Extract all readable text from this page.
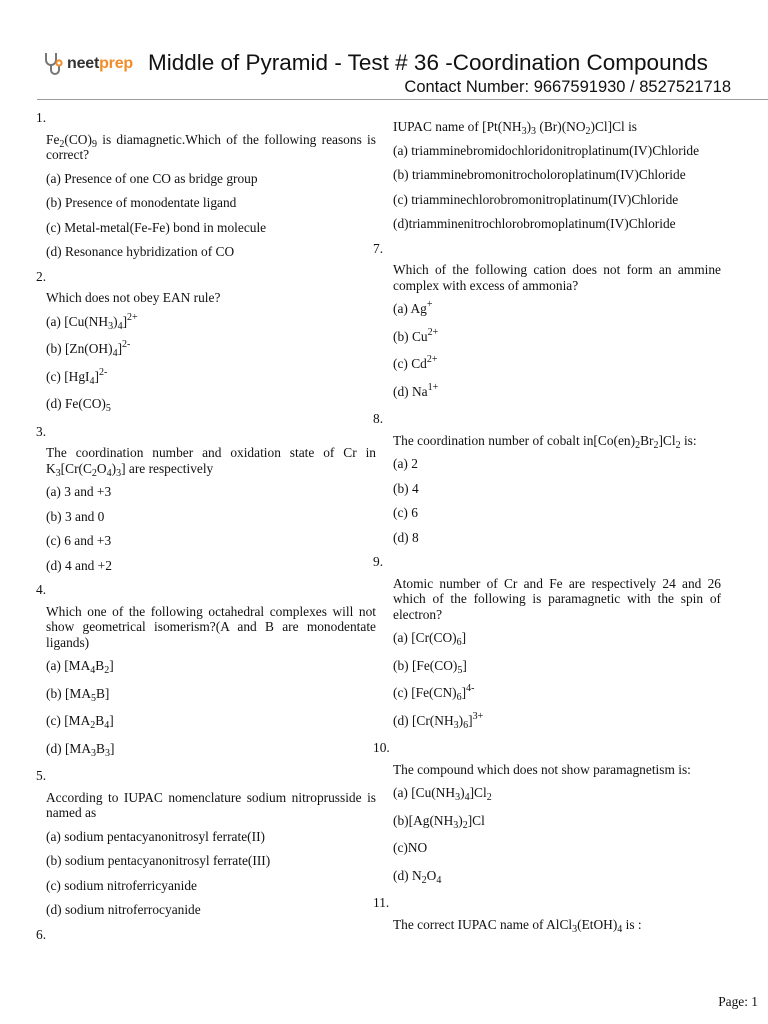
neetprep Middle of Pyramid - Test # 36 -Coordination Compounds
Contact Number: 9667591930 / 8527521718
1.
$Fe_2(CO)_9$ is diamagnetic.Which of the following reasons is correct?
(a) Presence of one CO as bridge group
(b) Presence of monodentate ligand
(c) Metal-metal(Fe-Fe) bond in molecule
(d) Resonance hybridization of CO
2.
Which does not obey EAN rule?
(a) $[Cu(NH_3)_4]^{2+}$
(b) $[Zn(OH)_4]^{2-}$
(c) $[HgI_4]^{2-}$
(d) $Fe(CO)_5$
3.
The coordination number and oxidation state of Cr in $K_3[Cr(C_2O_4)_3]$ are respectively
(a) 3 and +3
(b) 3 and 0
(c) 6 and +3
(d) 4 and +2
4.
Which one of the following octahedral complexes will not show geometrical isomerism?(A and B are monodentate ligands)
(a) $[MA_4B_2]$
(b) $[MA_5B]$
(c) $[MA_2B_4]$
(d) $[MA_3B_3]$
5.
According to IUPAC nomenclature sodium nitroprusside is named as
(a) sodium pentacyanonitrosyl ferrate(II)
(b) sodium pentacyanonitrosyl ferrate(III)
(c) sodium nitroferricyanide
(d) sodium nitroferrocyanide
6.
IUPAC name of [$Pt(NH_3)_3$ $(Br)(NO_2)Cl]Cl$ is
(a) triamminebromidochloridonitroplatinum(IV)Chloride
(b) triamminebromonitrocholoroplatinum(IV)Chloride
(c) triamminechlorobromonitroplatinum(IV)Chloride
(d)triamminenitrochlorobromoplatinum(IV)Chloride
7.
Which of the following cation does not form an ammine complex with excess of ammonia?
(a) Ag+
(b) $Cu^{2+}$
(c) $Cd^{2+}$
(d) $Na^{1+}$
8.
The coordination number of cobalt $in[Co(en)_2Br_2]Cl_2$ is:
(a) 2
(b) 4
(c) 6
(d) 8
9.
Atomic number of Cr and Fe are respectively 24 and 26 which of the following is paramagnetic with the spin of electron?
(a) $[Cr(CO)_6]$
(b) $[Fe(CO)_5]$
(c) $[Fe(CN)_6]^{4-}$
(d) $[Cr(NH_3)_6]^{3+}$
10.
The compound which does not show paramagnetism is:
(a) $[Cu(NH_3)_4]Cl_2$
$(b)[Ag(NH_3)_2]Cl$
(c)NO
(d) $N_2O_4$
11.
The correct IUPAC name of $AlCl_3(EtOH)_4$ is :
Page: 1
